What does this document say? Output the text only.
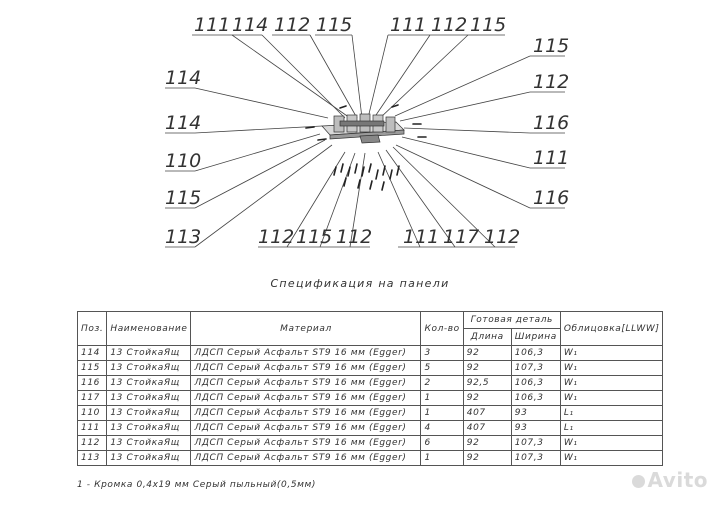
111 114 112 115 111 112 115
115
112
116
111
116
114
114
110
115
113	112 115 112 111 117 112
Спецификация на панели
Поз.	Наименование	Материал	Кол-во	Готовая деталь		Облицовка[LLWW]
				Длина	Ширина	
114	13 СтойкаЯщ	ЛДСП Серый Асфальт ST9 16 мм (Egger)	3	92	106,3	W₁
115	13 СтойкаЯщ	ЛДСП Серый Асфальт ST9 16 мм (Egger)	5	92	107,3	W₁
116	13 СтойкаЯщ	ЛДСП Серый Асфальт ST9 16 мм (Egger)	2	92,5	106,3	W₁
117	13 СтойкаЯщ	ЛДСП Серый Асфальт ST9 16 мм (Egger)	1	92	106,3	W₁
110	13 СтойкаЯщ	ЛДСП Серый Асфальт ST9 16 мм (Egger)	1	407	93	L₁
111	13 СтойкаЯщ	ЛДСП Серый Асфальт ST9 16 мм (Egger)	4	407	93	L₁
112	13 СтойкаЯщ	ЛДСП Серый Асфальт ST9 16 мм (Egger)	6	92	107,3	W₁
113	13 СтойкаЯщ	ЛДСП Серый Асфальт ST9 16 мм (Egger)	1	92	107,3	W₁
1 - Кромка 0,4x19 мм Серый пыльный(0,5мм)	Avito
